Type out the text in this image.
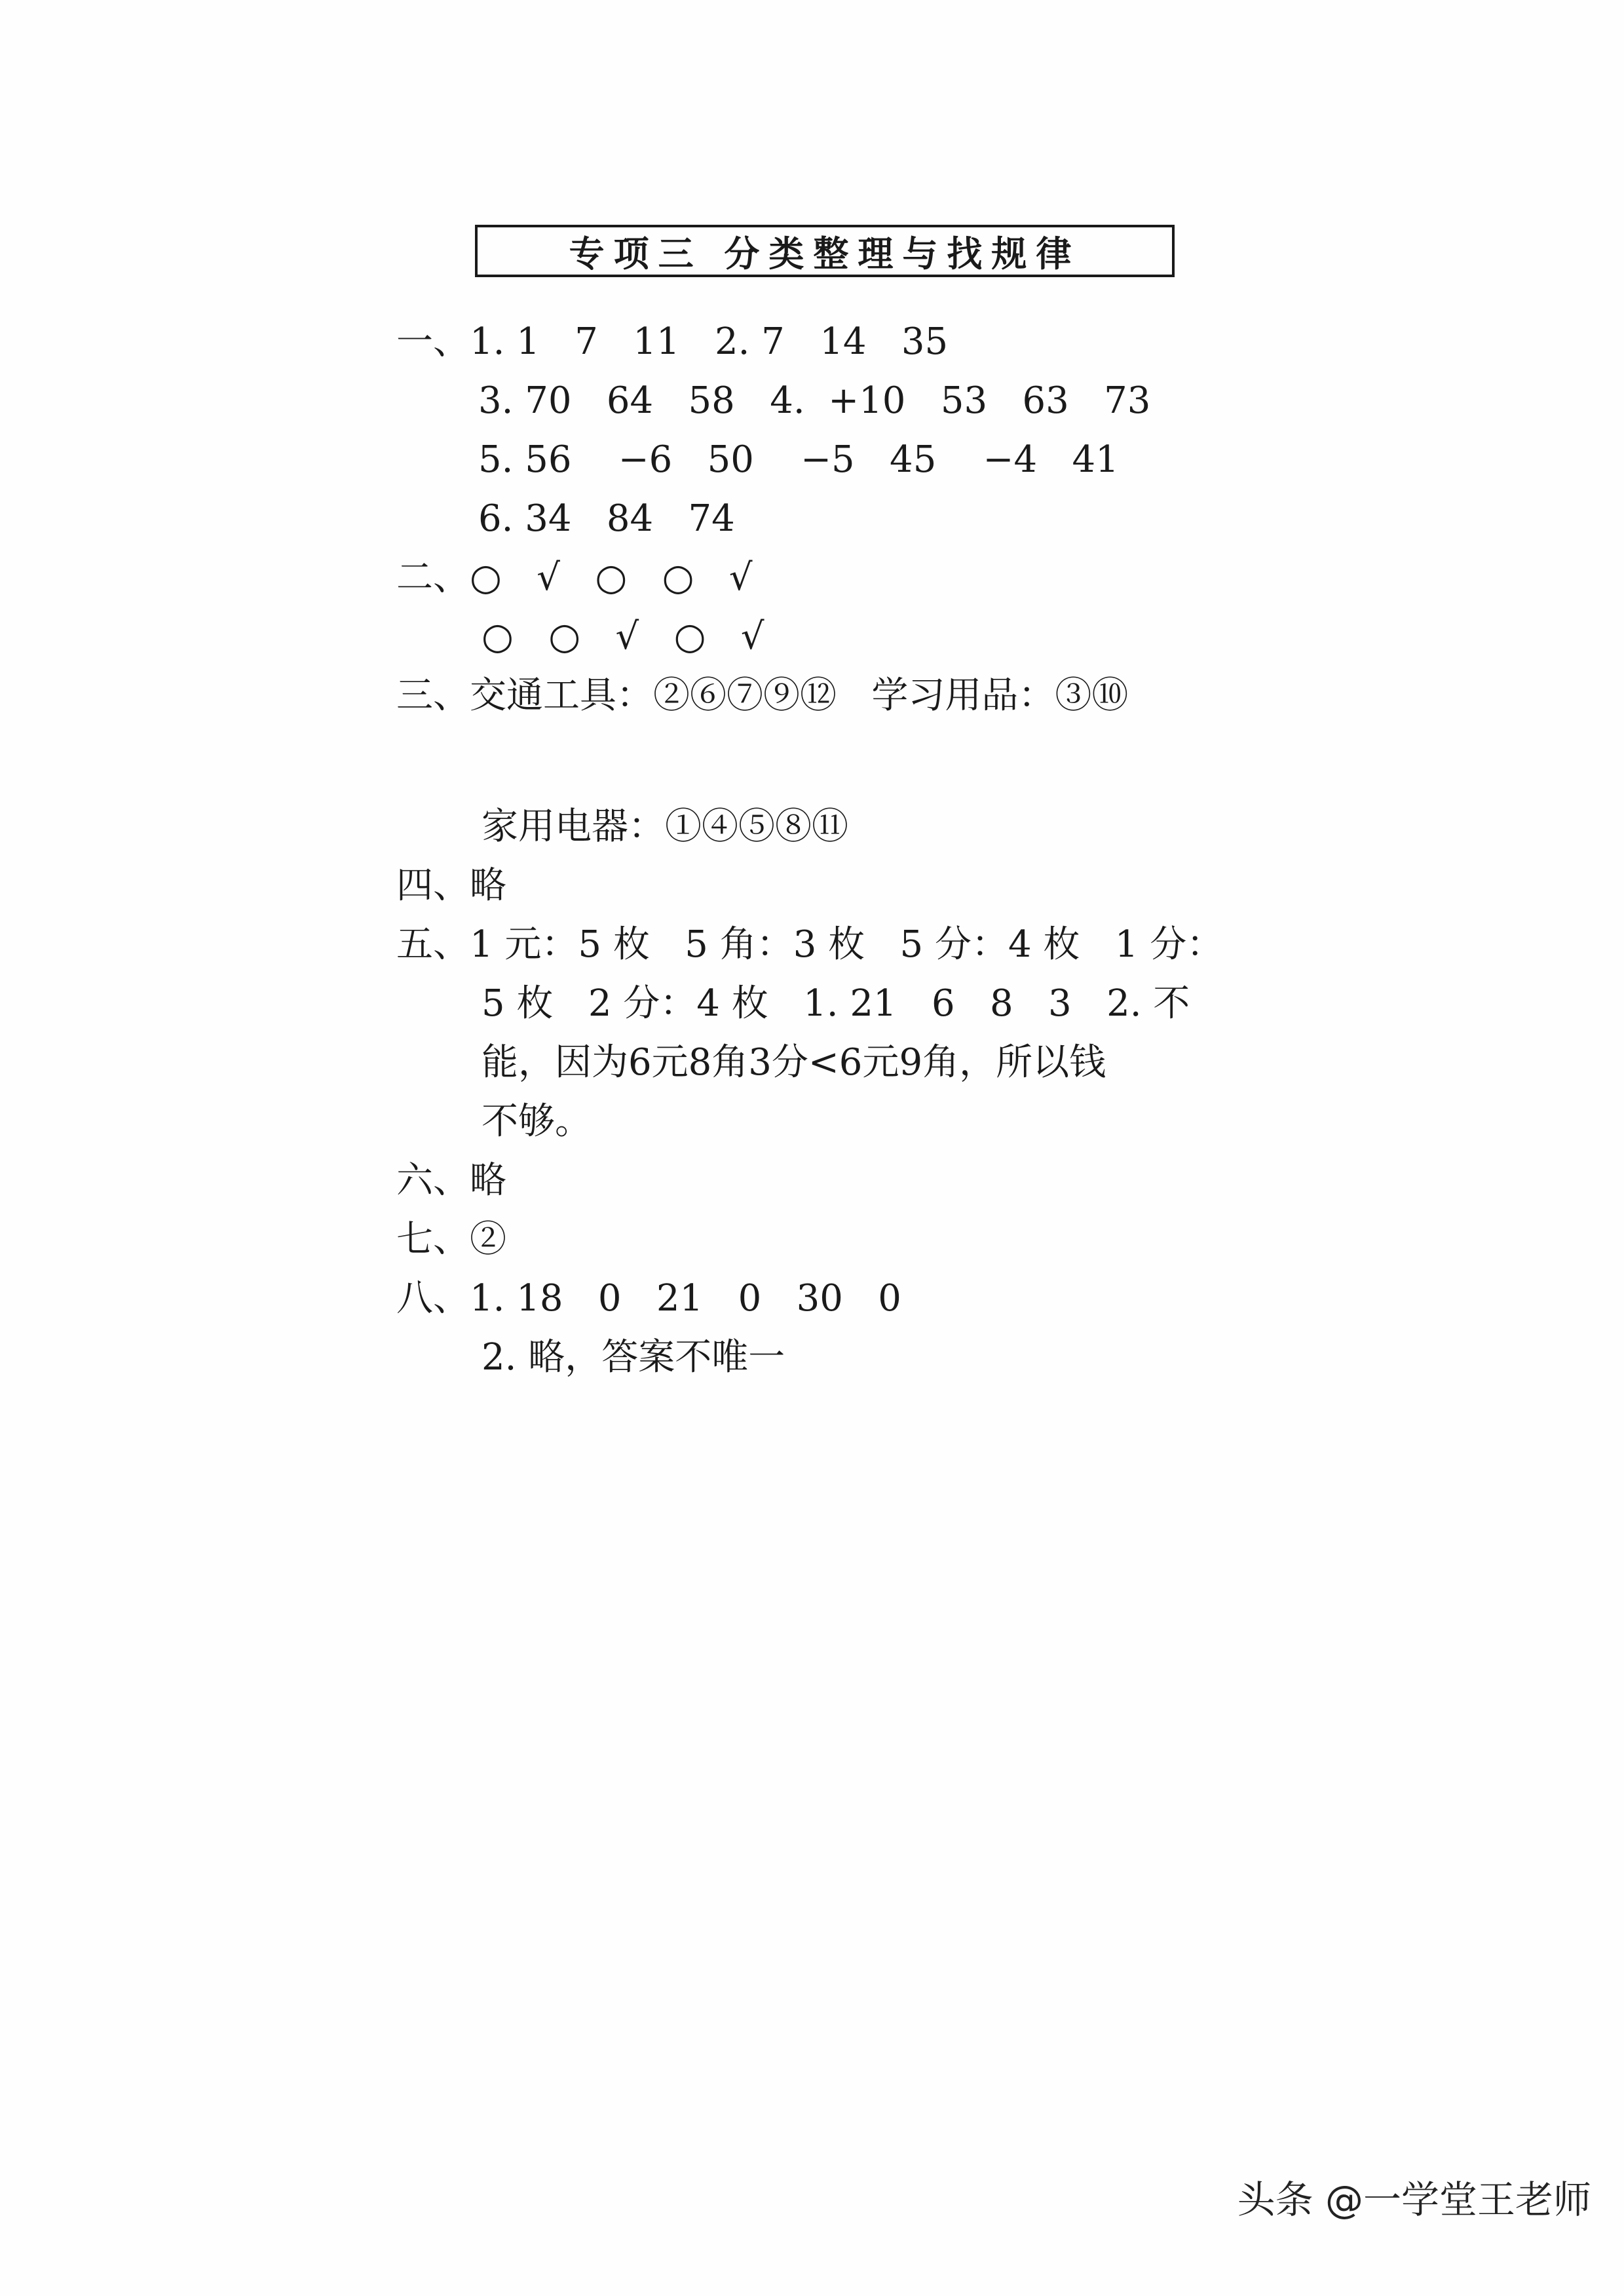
专项三 分类整理与找规律
一、1. 1   7   11   2. 7   14   35
3. 70   64   58   4.  +10   53   63   73
5. 56    −6   50    −5   45    −4   41
6. 34   84   74
二、○   √   ○   ○   √
○   ○   √   ○   √
三、交通工具：②⑥⑦⑨⑫   学习用品：③⑩
家用电器：①④⑤⑧⑪
四、略
五、1 元：5 枚   5 角：3 枚   5 分：4 枚   1 分：
5 枚   2 分：4 枚   1. 21   6   8   3   2. 不
能，因为6元8角3分<6元9角，所以钱
不够。
六、略
七、②
八、1. 18   0   21   0   30   0
2. 略，答案不唯一
头条 @一学堂王老师
